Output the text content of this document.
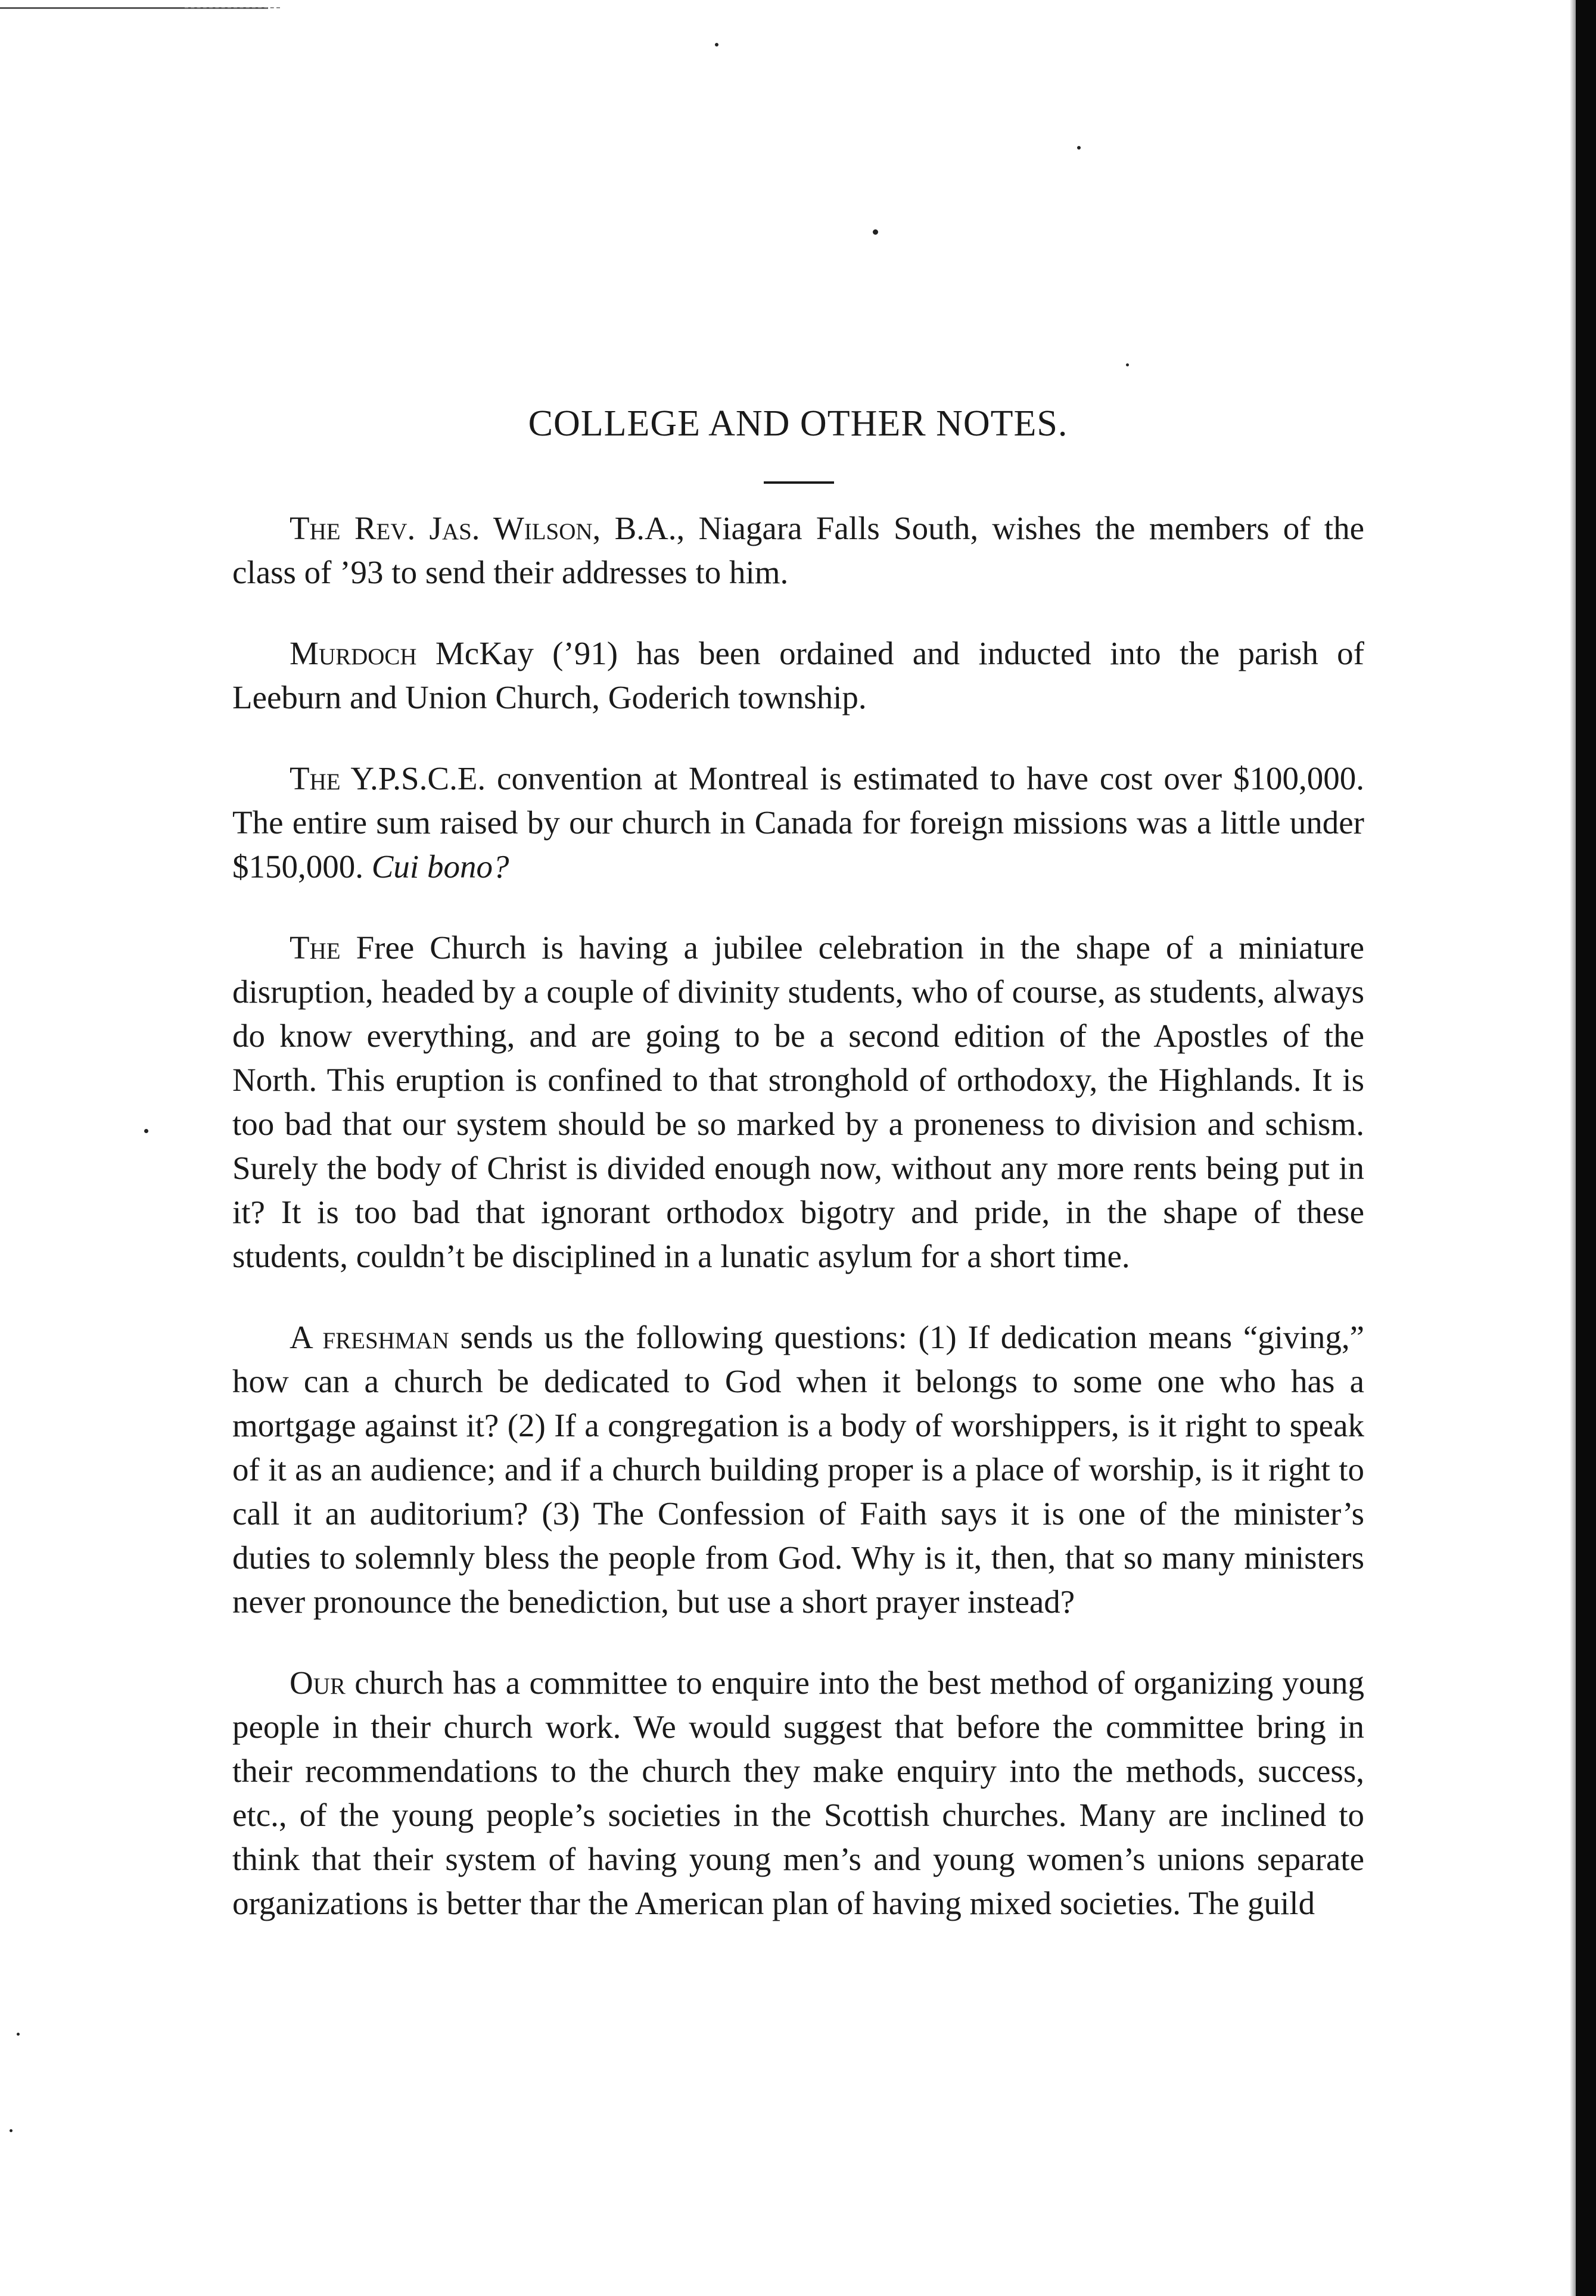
COLLEGE AND OTHER NOTES.

The Rev. Jas. Wilson, B.A., Niagara Falls South, wishes the members of the class of ’93 to send their addresses to him.

Murdoch McKay (’91) has been ordained and inducted into the parish of Leeburn and Union Church, Goderich township.

The Y.P.S.C.E. convention at Montreal is estimated to have cost over $100,000. The entire sum raised by our church in Canada for foreign missions was a little under $150,000. Cui bono?

The Free Church is having a jubilee celebration in the shape of a miniature disruption, headed by a couple of divinity students, who of course, as students, always do know everything, and are going to be a second edition of the Apostles of the North. This eruption is confined to that stronghold of orthodoxy, the Highlands. It is too bad that our system should be so marked by a proneness to division and schism. Surely the body of Christ is divided enough now, without any more rents being put in it? It is too bad that ignorant orthodox bigotry and pride, in the shape of these students, couldn’t be disciplined in a lunatic asylum for a short time.

A freshman sends us the following questions: (1) If dedication means “giving,” how can a church be dedicated to God when it belongs to some one who has a mortgage against it? (2) If a congregation is a body of worshippers, is it right to speak of it as an audience; and if a church building proper is a place of worship, is it right to call it an auditorium? (3) The Confession of Faith says it is one of the minister’s duties to solemnly bless the people from God. Why is it, then, that so many ministers never pronounce the benediction, but use a short prayer instead?

Our church has a committee to enquire into the best method of organizing young people in their church work. We would suggest that before the committee bring in their recommendations to the church they make enquiry into the methods, success, etc., of the young people’s societies in the Scottish churches. Many are inclined to think that their system of having young men’s and young women’s unions separate organizations is better thar the American plan of having mixed societies. The guild
